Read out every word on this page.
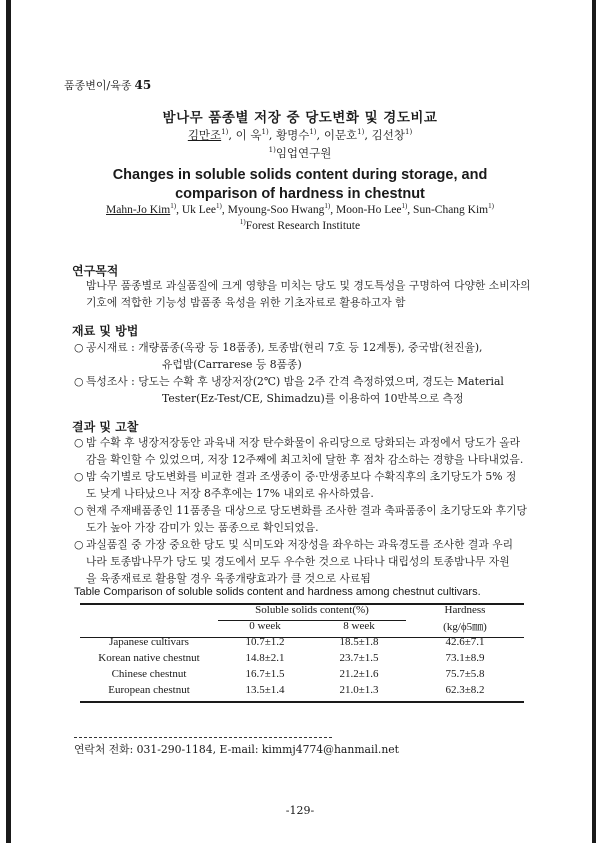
품종변이/육종 45
밤나무 품종별 저장 중 당도변화 및 경도비교
김만조$^{1)}$, 이 욱$^{1)}$, 황명수$^{1)}$, 이문호$^{1)}$, 김선창$^{1)}$
$^{1)}$임업연구원
Changes in soluble solids content during storage, and
comparison of hardness in chestnut
Mahn-Jo Kim$^{1)}$, Uk Lee$^{1)}$, Myoung-Soo Hwang$^{1)}$, Moon-Ho Lee$^{1)}$, Sun-Chang Kim$^{1)}$
$^{1)}$Forest Research Institute
연구목적
밤나무 품종별로 과실품질에 크게 영향을 미치는 당도 및 경도특성을 구명하여 다양한 소비자의
기호에 적합한 기능성 밤품종 육성을 위한 기초자료로 활용하고자 함
재료 및 방법
○ 공시재료 : 개량품종(옥광 등 18품종), 토종밤(현리 7호 등 12계통), 중국밤(천진율),
유럽밤(Carrarese 등 8품종)
○ 특성조사 : 당도는 수확 후 냉장저장(2℃) 밤을 2주 간격 측정하였으며, 경도는 Material
Tester(Ez-Test/CE, Shimadzu)를 이용하여 10반복으로 측정
결과 및 고찰
○ 밤 수확 후 냉장저장동안 과육내 저장 탄수화물이 유리당으로 당화되는 과정에서 당도가 올라
감을 확인할 수 있었으며, 저장 12주째에 최고치에 달한 후 점차 감소하는 경향을 나타내었음.
○ 밤 숙기별로 당도변화를 비교한 결과 조생종이 중·만생종보다 수확직후의 초기당도가 5% 정
도 낮게 나타났으나 저장 8주후에는 17% 내외로 유사하였음.
○ 현재 주재배품종인 11품종을 대상으로 당도변화를 조사한 결과 축파품종이 초기당도와 후기당
도가 높아 가장 감미가 있는 품종으로 확인되었음.
○ 과실품질 중 가장 중요한 당도 및 식미도와 저장성을 좌우하는 과육경도를 조사한 결과 우리
나라 토종밤나무가 당도 및 경도에서 모두 우수한 것으로 나타나 대립성의 토종밤나무 자원
을 육종재료로 활용할 경우 육종개량효과가 클 것으로 사료됨
Table Comparison of soluble solids content and hardness among chestnut cultivars.
	Soluble solids content(%)		Hardness
	0 week	8 week	(kg/ϕ5㎜)
Japanese cultivars	10.7±1.2	18.5±1.8	42.6±7.1
Korean native chestnut	14.8±2.1	23.7±1.5	73.1±8.9
Chinese chestnut	16.7±1.5	21.2±1.6	75.7±5.8
European chestnut	13.5±1.4	21.0±1.3	62.3±8.2
연락처 전화: 031-290-1184, E-mail: kimmj4774@hanmail.net
-129-
